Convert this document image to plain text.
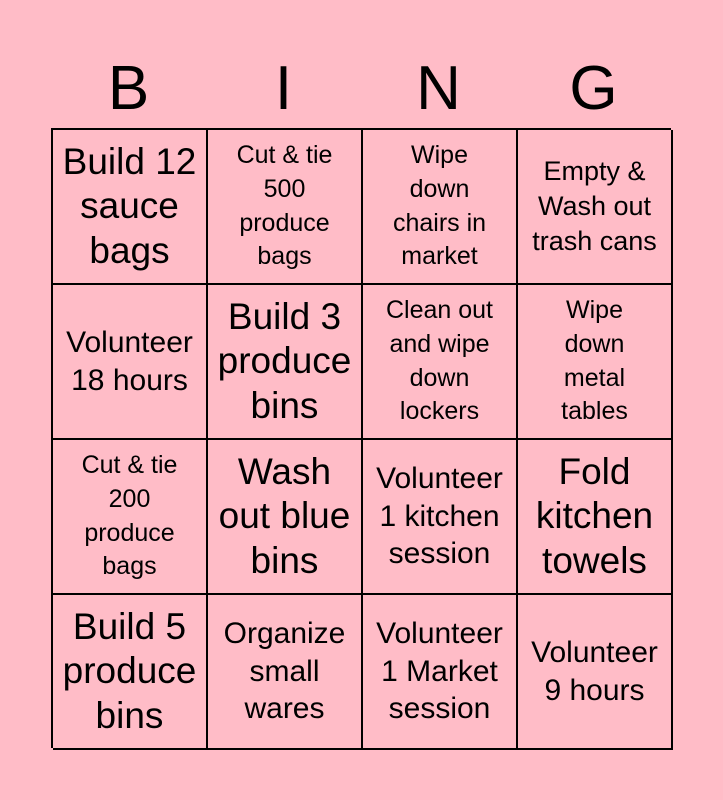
B	I	N	G
Build 12
sauce
bags
Cut & tie
500
produce
bags
Wipe
down
chairs in
market
Empty &
Wash out
trash cans
Volunteer
18 hours
Build 3
produce
bins
Clean out
and wipe
down
lockers
Wipe
down
metal
tables
Cut & tie
200
produce
bags
Wash
out blue
bins
Volunteer
1 kitchen
session
Fold
kitchen
towels
Build 5
produce
bins
Organize
small
wares
Volunteer
1 Market
session
Volunteer
9 hours
